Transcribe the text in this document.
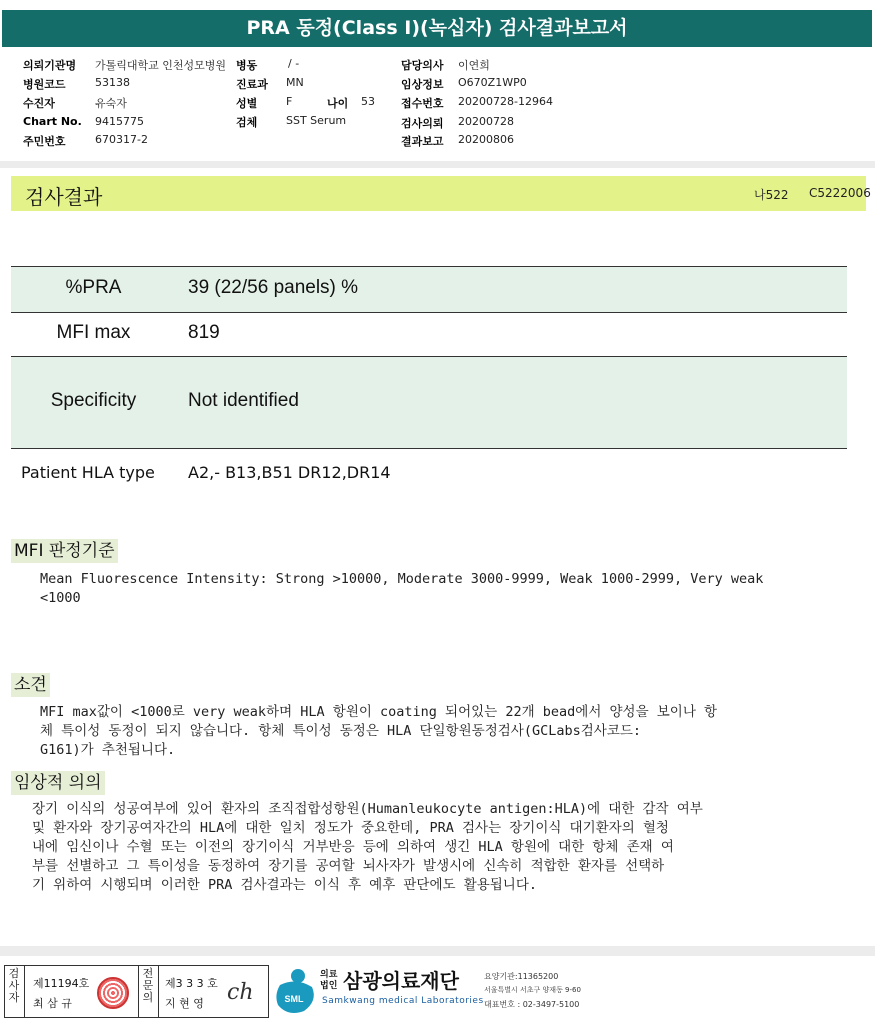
PRA 동정(Class I)(녹십자) 검사결과보고서
의뢰기관명 가톨릭대학교 인천성모병원 병동	/ -	담당의사 이연희
병원코드	53138	진료과 MN	임상정보 O670Z1WP0
수진자	유숙자	성별	F	나이 53 접수번호 20200728-12964
Chart No. 9415775	검체	SST Serum	검사의뢰 20200728
주민번호	670317-2	결과보고 20200806
검사결과	나522 C5222006
%PRA	39 (22/56 panels) %
MFI max	819
Specificity	Not identified
Patient HLA type A2,- B13,B51 DR12,DR14
MFI 판정기준
Mean Fluorescence Intensity: Strong >10000, Moderate 3000-9999, Weak 1000-2999, Very weak
<1000
소견
MFI max값이 <1000로 very weak하며 HLA 항원이 coating 되어있는 22개 bead에서 양성을 보이나 항
체 특이성 동정이 되지 않습니다. 항체 특이성 동정은 HLA 단일항원동정검사(GCLabs검사코드:
G161)가 추천됩니다.
임상적 의의
장기 이식의 성공여부에 있어 환자의 조직접합성항원(Humanleukocyte antigen:HLA)에 대한 감작 여부
및 환자와 장기공여자간의 HLA에 대한 일치 정도가 중요한데, PRA 검사는 장기이식 대기환자의 혈청
내에 임신이나 수혈 또는 이전의 장기이식 거부반응 등에 의하여 생긴 HLA 항원에 대한 항체 존재 여
부를 선별하고 그 특이성을 동정하여 장기를 공여할 뇌사자가 발생시에 신속히 적합한 환자를 선택하
기 위하여 시행되며 이러한 PRA 검사결과는 이식 후 예후 판단에도 활용됩니다.
검사자
제11194호
최 삼 규
전문의
제3 3 3 호
지 현 영 ch	SML
의료
법인 삼광의료재단
Samkwang medical Laboratories
요양기관:11365200
서울특별시 서초구 양재동 9-60
대표번호 : 02-3497-5100
